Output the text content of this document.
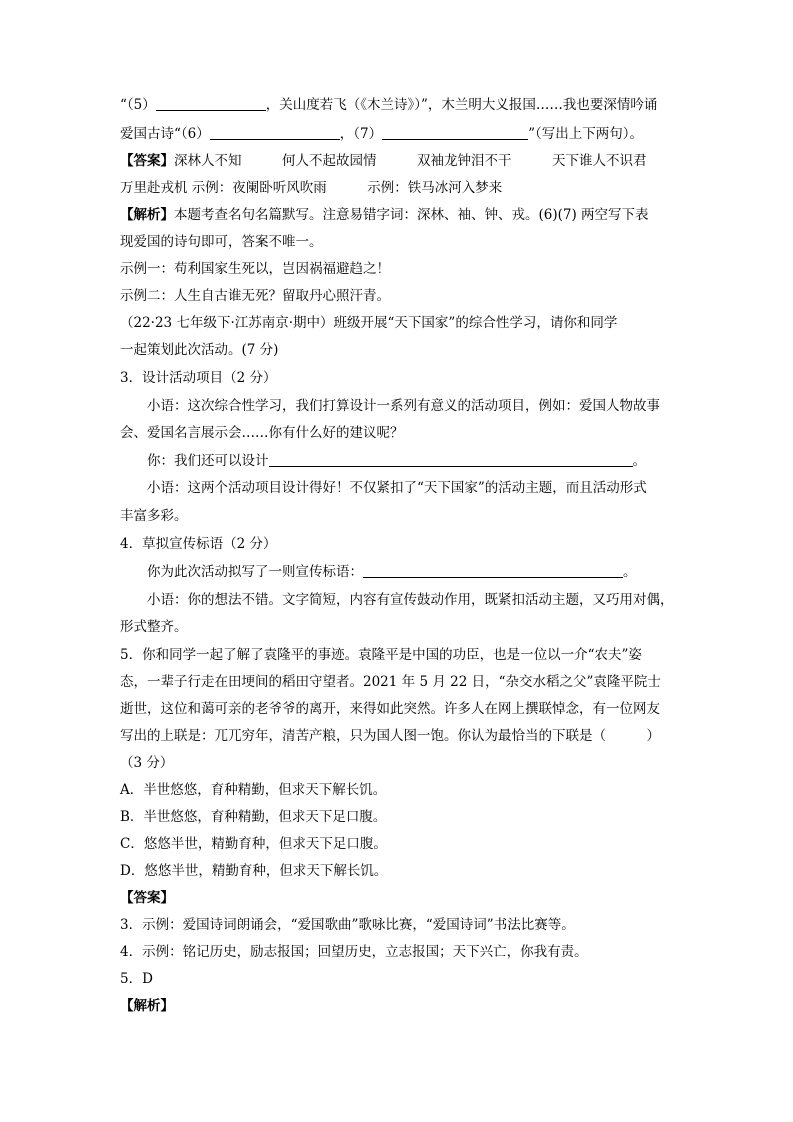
“（5）	，关山度若飞（《木兰诗》）”，木兰明大义报国……我也要深情吟诵
爱国古诗“（6）	，（7）	”（写出上下两句）。
【答案】深林人不知　　　何人不起故园情　　　双袖龙钟泪不干　　　天下谁人不识君
万里赴戎机 示例：夜阑卧听风吹雨　　　示例：铁马冰河入梦来
【解析】本题考查名句名篇默写。注意易错字词：深林、袖、钟、戎。(6)(7) 两空写下表
现爱国的诗句即可，答案不唯一。
示例一：苟利国家生死以，岂因祸福避趋之！
示例二：人生自古谁无死？留取丹心照汗青。
（22·23 七年级下·江苏南京·期中）班级开展“天下国家”的综合性学习，请你和同学
一起策划此次活动。(7 分)
3．设计活动项目（2 分）
小语：这次综合性学习，我们打算设计一系列有意义的活动项目，例如：爱国人物故事
会、爱国名言展示会……你有什么好的建议呢？
你：我们还可以设计	。
小语：这两个活动项目设计得好！不仅紧扣了“天下国家”的活动主题，而且活动形式
丰富多彩。
4．草拟宣传标语（2 分）
你为此次活动拟写了一则宣传标语：	。
小语：你的想法不错。文字简短，内容有宣传鼓动作用，既紧扣活动主题，又巧用对偶，
形式整齐。
5．你和同学一起了解了袁隆平的事迹。袁隆平是中国的功臣，也是一位以一介“农夫”姿
态，一辈子行走在田埂间的稻田守望者。2021 年 5 月 22 日，“杂交水稻之父”袁隆平院士
逝世，这位和蔼可亲的老爷爷的离开，来得如此突然。许多人在网上撰联悼念，有一位网友
写出的上联是：兀兀穷年，清苦产粮，只为国人图一饱。你认为最恰当的下联是（　　　）
（3 分）
A．半世悠悠，育种精勤，但求天下解长饥。
B．半世悠悠，育种精勤，但求天下足口腹。
C．悠悠半世，精勤育种，但求天下足口腹。
D．悠悠半世，精勤育种，但求天下解长饥。
【答案】
3．示例：爱国诗词朗诵会，“爱国歌曲”歌咏比赛，“爱国诗词”书法比赛等。
4．示例：铭记历史，励志报国；回望历史，立志报国；天下兴亡，你我有责。
5．D
【解析】
